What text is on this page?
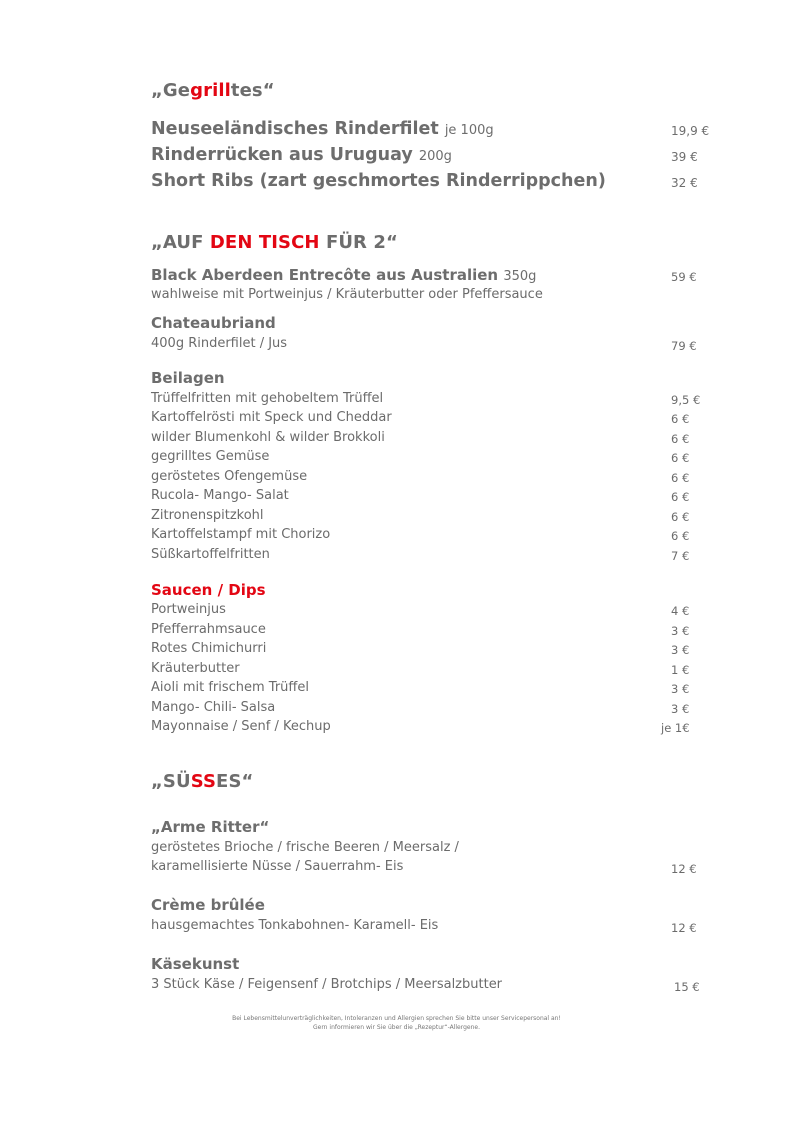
„Gegrilltes“
Neuseeländisches Rinderfilet je 100g	19,9 €
Rinderrücken aus Uruguay 200g	39 €
Short Ribs (zart geschmortes Rinderrippchen)	32 €
„AUF DEN TISCH FÜR 2“
Black Aberdeen Entrecôte aus Australien 350g	59 €
wahlweise mit Portweinjus / Kräuterbutter oder Pfeffersauce
Chateaubriand
400g Rinderfilet / Jus	79 €
Beilagen
Trüffelfritten mit gehobeltem Trüffel	9,5 €
Kartoffelrösti mit Speck und Cheddar	6 €
wilder Blumenkohl & wilder Brokkoli	6 €
gegrilltes Gemüse	6 €
geröstetes Ofengemüse	6 €
Rucola- Mango- Salat	6 €
Zitronenspitzkohl	6 €
Kartoffelstampf mit Chorizo	6 €
Süßkartoffelfritten	7 €
Saucen / Dips
Portweinjus	4 €
Pfefferrahmsauce	3 €
Rotes Chimichurri	3 €
Kräuterbutter	1 €
Aioli mit frischem Trüffel	3 €
Mango- Chili- Salsa	3 €
Mayonnaise / Senf / Kechup	je 1€
„SÜSSES“
„Arme Ritter“
geröstetes Brioche / frische Beeren / Meersalz /
karamellisierte Nüsse / Sauerrahm- Eis	12 €
Crème brûlée
hausgemachtes Tonkabohnen- Karamell- Eis	12 €
Käsekunst
3 Stück Käse / Feigensenf / Brotchips / Meersalzbutter	15 €
Bei Lebensmittelunverträglichkeiten, Intoleranzen und Allergien sprechen Sie bitte unser Servicepersonal an!
Gern informieren wir Sie über die „Rezeptur“-Allergene.
